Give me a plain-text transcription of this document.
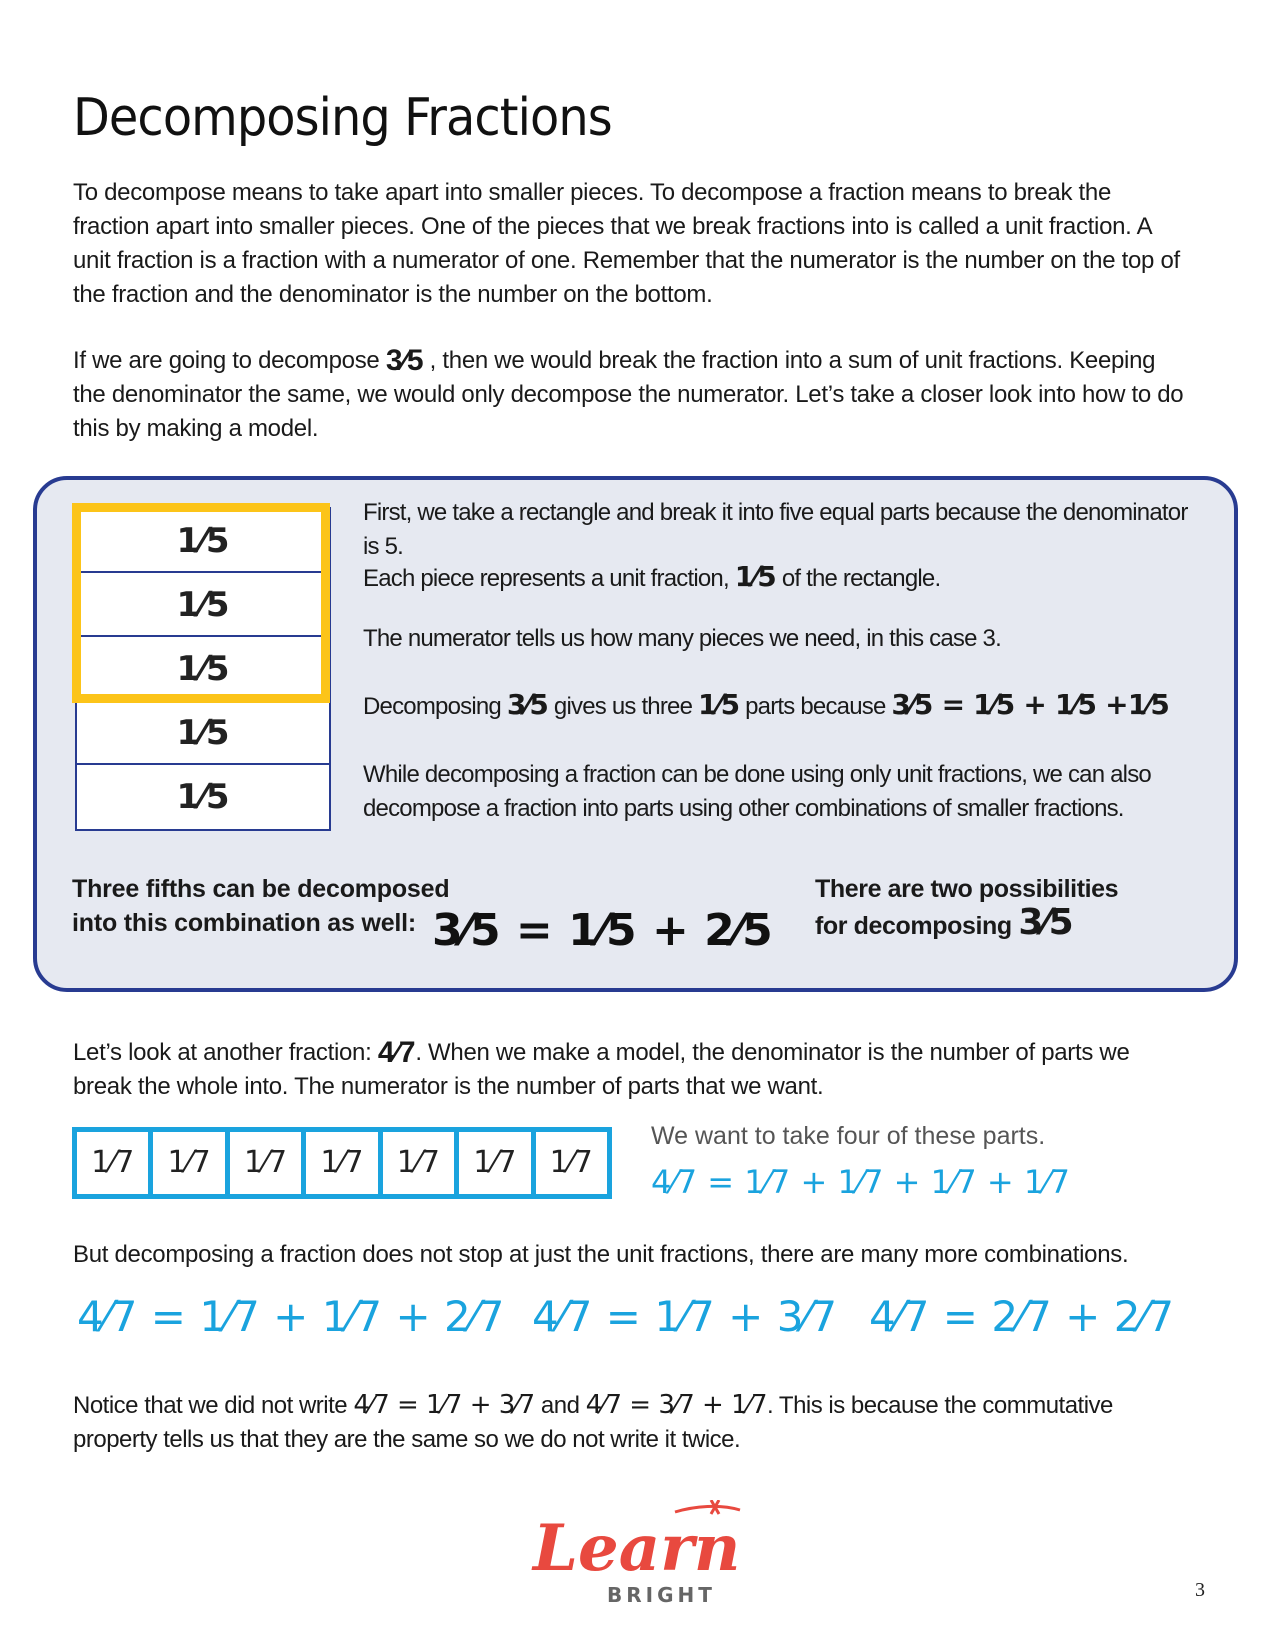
Decomposing Fractions

To decompose means to take apart into smaller pieces. To decompose a fraction means to break the fraction apart into smaller pieces. One of the pieces that we break fractions into is called a unit fraction. A unit fraction is a fraction with a numerator of one. Remember that the numerator is the number on the top of the fraction and the denominator is the number on the bottom.

If we are going to decompose 3⁄5 , then we would break the fraction into a sum of unit fractions. Keeping the denominator the same, we would only decompose the numerator. Let’s take a closer look into how to do this by making a model.

1⁄5
1⁄5
1⁄5
1⁄5
1⁄5

First, we take a rectangle and break it into five equal parts because the denominator is 5.

Each piece represents a unit fraction, 1⁄5 of the rectangle.

The numerator tells us how many pieces we need, in this case 3.

Decomposing 3⁄5 gives us three 1⁄5 parts because 3⁄5 = 1⁄5 + 1⁄5 +1⁄5

While decomposing a fraction can be done using only unit fractions, we can also decompose a fraction into parts using other combinations of smaller fractions.

Three fifths can be decomposed
into this combination as well: 3⁄5 = 1⁄5 + 2⁄5

There are two possibilities
for decomposing 3⁄5

Let’s look at another fraction: 4⁄7. When we make a model, the denominator is the number of parts we break the whole into. The numerator is the number of parts that we want.

1⁄7	1⁄7	1⁄7	1⁄7	1⁄7	1⁄7	1⁄7

We want to take four of these parts.

4⁄7 = 1⁄7 + 1⁄7 + 1⁄7 + 1⁄7

But decomposing a fraction does not stop at just the unit fractions, there are many more combinations.

4⁄7 = 1⁄7 + 1⁄7 + 2⁄7 4⁄7 = 1⁄7 + 3⁄7 4⁄7 = 2⁄7 + 2⁄7

Notice that we did not write 4⁄7 = 1⁄7 + 3⁄7 and 4⁄7 = 3⁄7 + 1⁄7. This is because the commutative property tells us that they are the same so we do not write it twice.

Learn
BRIGHT	3
